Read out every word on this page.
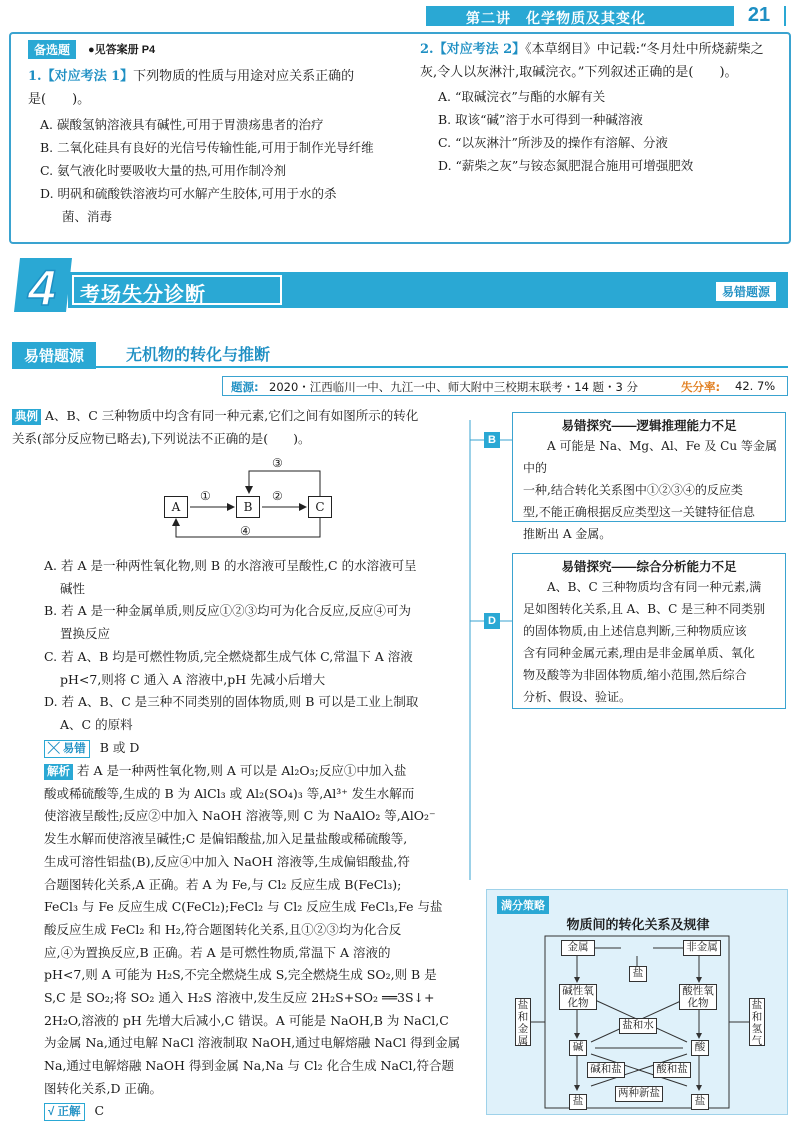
第二讲　化学物质及其变化	21
备选题	●见答案册 P4
1.【对应考法 1】下列物质的性质与用途对应关系正确的
是(　　)。
A. 碳酸氢钠溶液具有碱性,可用于胃溃疡患者的治疗
B. 二氧化硅具有良好的光信号传输性能,可用于制作光导纤维
C. 氨气液化时要吸收大量的热,可用作制冷剂
D. 明矾和硫酸铁溶液均可水解产生胶体,可用于水的杀
菌、消毒
2.【对应考法 2】《本草纲目》中记载:“冬月灶中所烧薪柴之
灰,令人以灰淋汁,取碱浣衣。”下列叙述正确的是(　　)。
A. “取碱浣衣”与酯的水解有关
B. 取该“碱”溶于水可得到一种碱溶液
C. “以灰淋汁”所涉及的操作有溶解、分液
D. “薪柴之灰”与铵态氮肥混合施用可增强肥效
4 考场失分诊断	易错题源
易错题源	无机物的转化与推断
题源: 2020・江西临川一中、九江一中、师大附中三校期末联考・14 题・3 分	失分率: 42. 7%
典例 A、B、C 三种物质中均含有同一种元素,它们之间有如图所示的转化
关系(部分反应物已略去),下列说法不正确的是(　　)。
A	B	C
①	②
③
④
A. 若 A 是一种两性氧化物,则 B 的水溶液可呈酸性,C 的水溶液可呈
碱性
B. 若 A 是一种金属单质,则反应①②③均可为化合反应,反应④可为
置换反应
C. 若 A、B 均是可燃性物质,完全燃烧都生成气体 C,常温下 A 溶液
pH<7,则将 C 通入 A 溶液中,pH 先减小后增大
D. 若 A、B、C 是三种不同类别的固体物质,则 B 可以是工业上制取
A、C 的原料
╳ 易错 B 或 D
解析 若 A 是一种两性氧化物,则 A 可以是 Al₂O₃;反应①中加入盐
酸或稀硫酸等,生成的 B 为 AlCl₃ 或 Al₂(SO₄)₃ 等,Al³⁺ 发生水解而
使溶液呈酸性;反应②中加入 NaOH 溶液等,则 C 为 NaAlO₂ 等,AlO₂⁻
发生水解而使溶液呈碱性;C 是偏铝酸盐,加入足量盐酸或稀硫酸等,
生成可溶性铝盐(B),反应④中加入 NaOH 溶液等,生成偏铝酸盐,符
合题图转化关系,A 正确。若 A 为 Fe,与 Cl₂ 反应生成 B(FeCl₃);
FeCl₃ 与 Fe 反应生成 C(FeCl₂);FeCl₂ 与 Cl₂ 反应生成 FeCl₃,Fe 与盐
酸反应生成 FeCl₂ 和 H₂,符合题图转化关系,且①②③均为化合反
应,④为置换反应,B 正确。若 A 是可燃性物质,常温下 A 溶液的
pH<7,则 A 可能为 H₂S,不完全燃烧生成 S,完全燃烧生成 SO₂,则 B 是
S,C 是 SO₂;将 SO₂ 通入 H₂S 溶液中,发生反应 2H₂S+SO₂ ══3S↓+
2H₂O,溶液的 pH 先增大后减小,C 错误。A 可能是 NaOH,B 为 NaCl,C
为金属 Na,通过电解 NaCl 溶液制取 NaOH,通过电解熔融 NaCl 得到金属
Na,通过电解熔融 NaOH 得到金属 Na,Na 与 Cl₂ 化合生成 NaCl,符合题
图转化关系,D 正确。
√ 正解 C
B
易错探究——逻辑推理能力不足
A 可能是 Na、Mg、Al、Fe 及 Cu 等金属中的
一种,结合转化关系图中①②③④的反应类
型,不能正确根据反应类型这一关键特征信息
推断出 A 金属。
D
易错探究——综合分析能力不足
A、B、C 三种物质均含有同一种元素,满
足如图转化关系,且 A、B、C 是三种不同类别
的固体物质,由上述信息判断,三种物质应该
含有同种金属元素,理由是非金属单质、氧化
物及酸等为非固体物质,缩小范围,然后综合
分析、假设、验证。
满分策略
物质间的转化关系及规律
金属	非金属
盐
碱性氧化物
酸性氧化物
盐和水
碱	酸
碱和盐	酸和盐
两种新盐
盐	盐
盐和金属
盐和氢气
